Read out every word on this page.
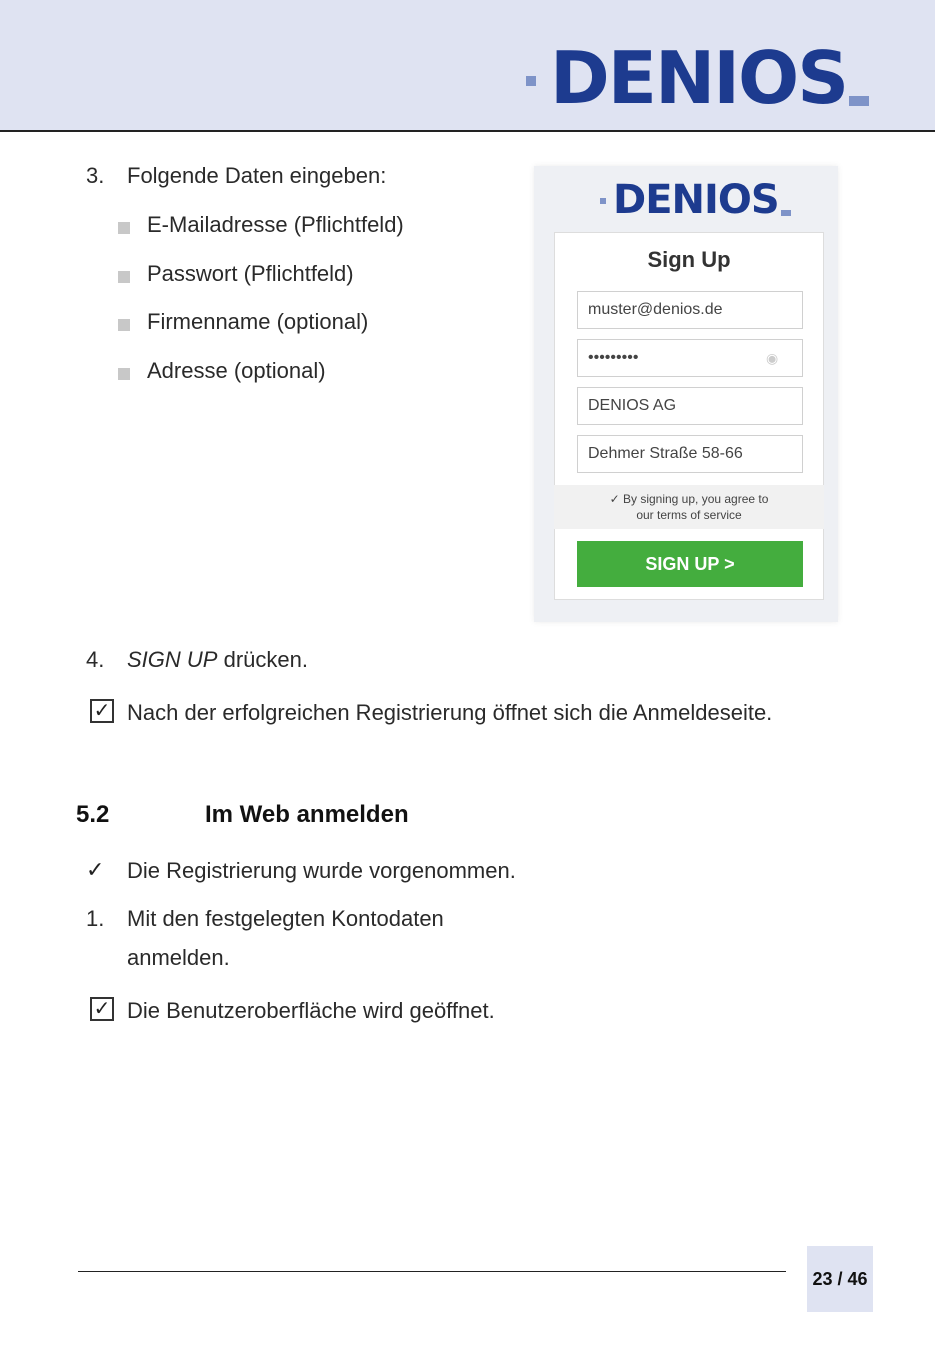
DENIOS
3. Folgende Daten eingeben:
E-Mailadresse (Pflichtfeld)
Passwort (Pflichtfeld)
Firmenname (optional)
Adresse (optional)
DENIOS
Sign Up
muster@denios.de
•••••••••	◉
DENIOS AG
Dehmer Straße 58-66
✓ By signing up, you agree to
our terms of service
SIGN UP >
4. SIGN UP drücken.
✓ Nach der erfolgreichen Registrierung öffnet sich die Anmeldeseite.
5.2	Im Web anmelden
✓ Die Registrierung wurde vorgenommen.
1. Mit den festgelegten Kontodaten
anmelden.
✓ Die Benutzeroberfläche wird geöffnet.
23 / 46
